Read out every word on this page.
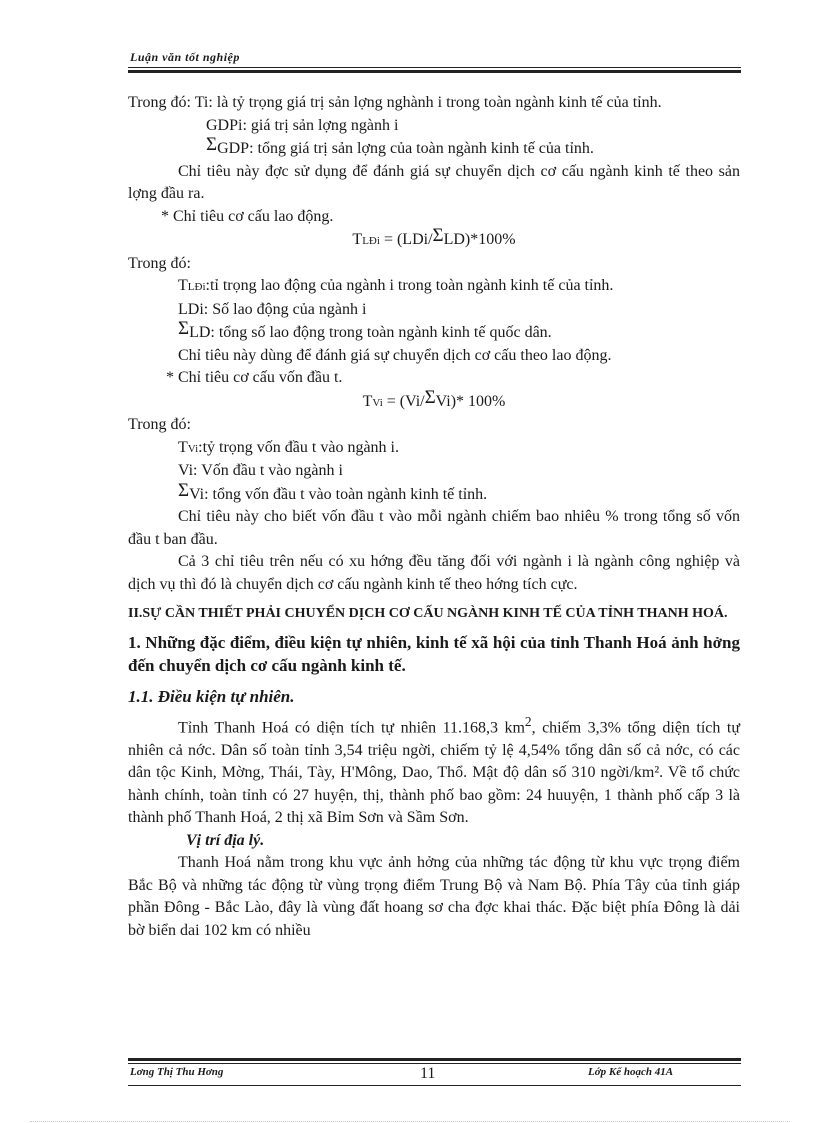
Luận văn tốt nghiệp

Trong đó: Ti: là tỷ trọng giá trị sản lợng nghành i trong toàn ngành kinh tế của tỉnh.

GDPi: giá trị sản lợng ngành i

ΣGDP: tổng giá trị sản lợng của toàn ngành kinh tế của tỉnh.

Chỉ tiêu này đợc sử dụng để đánh giá sự chuyển dịch cơ cấu ngành kinh tế theo sản lợng đầu ra.

* Chỉ tiêu cơ cấu lao động.

TLĐi = (LDi/ΣLD)*100%

Trong đó:

TLĐi:tỉ trọng lao động của ngành i trong toàn ngành kinh tế của tỉnh.

LDi: Số lao động của ngành i

ΣLD: tổng số lao động trong toàn ngành kinh tế quốc dân.

Chỉ tiêu này dùng để đánh giá sự chuyển dịch cơ cấu theo lao động.

* Chỉ tiêu cơ cấu vốn đầu t.

TVi = (Vi/ΣVi)* 100%

Trong đó:

TVi:tỷ trọng vốn đầu t vào ngành i.

Vi: Vốn đầu t vào ngành i

ΣVi: tổng vốn đầu t vào toàn ngành kinh tế tỉnh.

Chỉ tiêu này cho biết vốn đầu t vào mỗi ngành chiếm bao nhiêu % trong tổng số vốn đầu t ban đầu.

Cả 3 chỉ tiêu trên nếu có xu hớng đều tăng đối với ngành i là ngành công nghiệp và dịch vụ thì đó là chuyển dịch cơ cấu ngành kinh tế theo hớng tích cực.

II.SỰ CẦN THIẾT PHẢI CHUYỂN DỊCH CƠ CẤU NGÀNH KINH TẾ CỦA TỈNH THANH HOÁ.

1. Những đặc điểm, điều kiện tự nhiên, kinh tế xã hội của tỉnh Thanh Hoá ảnh hởng đến chuyển dịch cơ cấu ngành kinh tế.

1.1. Điều kiện tự nhiên.

Tỉnh Thanh Hoá có diện tích tự nhiên 11.168,3 $km^2$, chiếm 3,3% tổng diện tích tự nhiên cả nớc. Dân số toàn tỉnh 3,54 triệu ngời, chiếm tỷ lệ 4,54% tổng dân số cả nớc, có các dân tộc Kinh, Mờng, Thái, Tày, H'Mông, Dao, Thổ. Mật độ dân số 310 ngời/km². Về tổ chức hành chính, toàn tỉnh có 27 huyện, thị, thành phố bao gồm: 24 huuyện, 1 thành phố cấp 3 là thành phố Thanh Hoá, 2 thị xã Bỉm Sơn và Sầm Sơn.

Vị trí địa lý.

Thanh Hoá nằm trong khu vực ảnh hởng của những tác động từ khu vực trọng điểm Bắc Bộ và những tác động từ vùng trọng điểm Trung Bộ và Nam Bộ. Phía Tây của tỉnh giáp phần Đông - Bắc Lào, đây là vùng đất hoang sơ cha đợc khai thác. Đặc biệt phía Đông là dải bờ biển dai 102 km có nhiều

Lơng Thị Thu Hơng	11	Lớp Kế hoạch 41A
